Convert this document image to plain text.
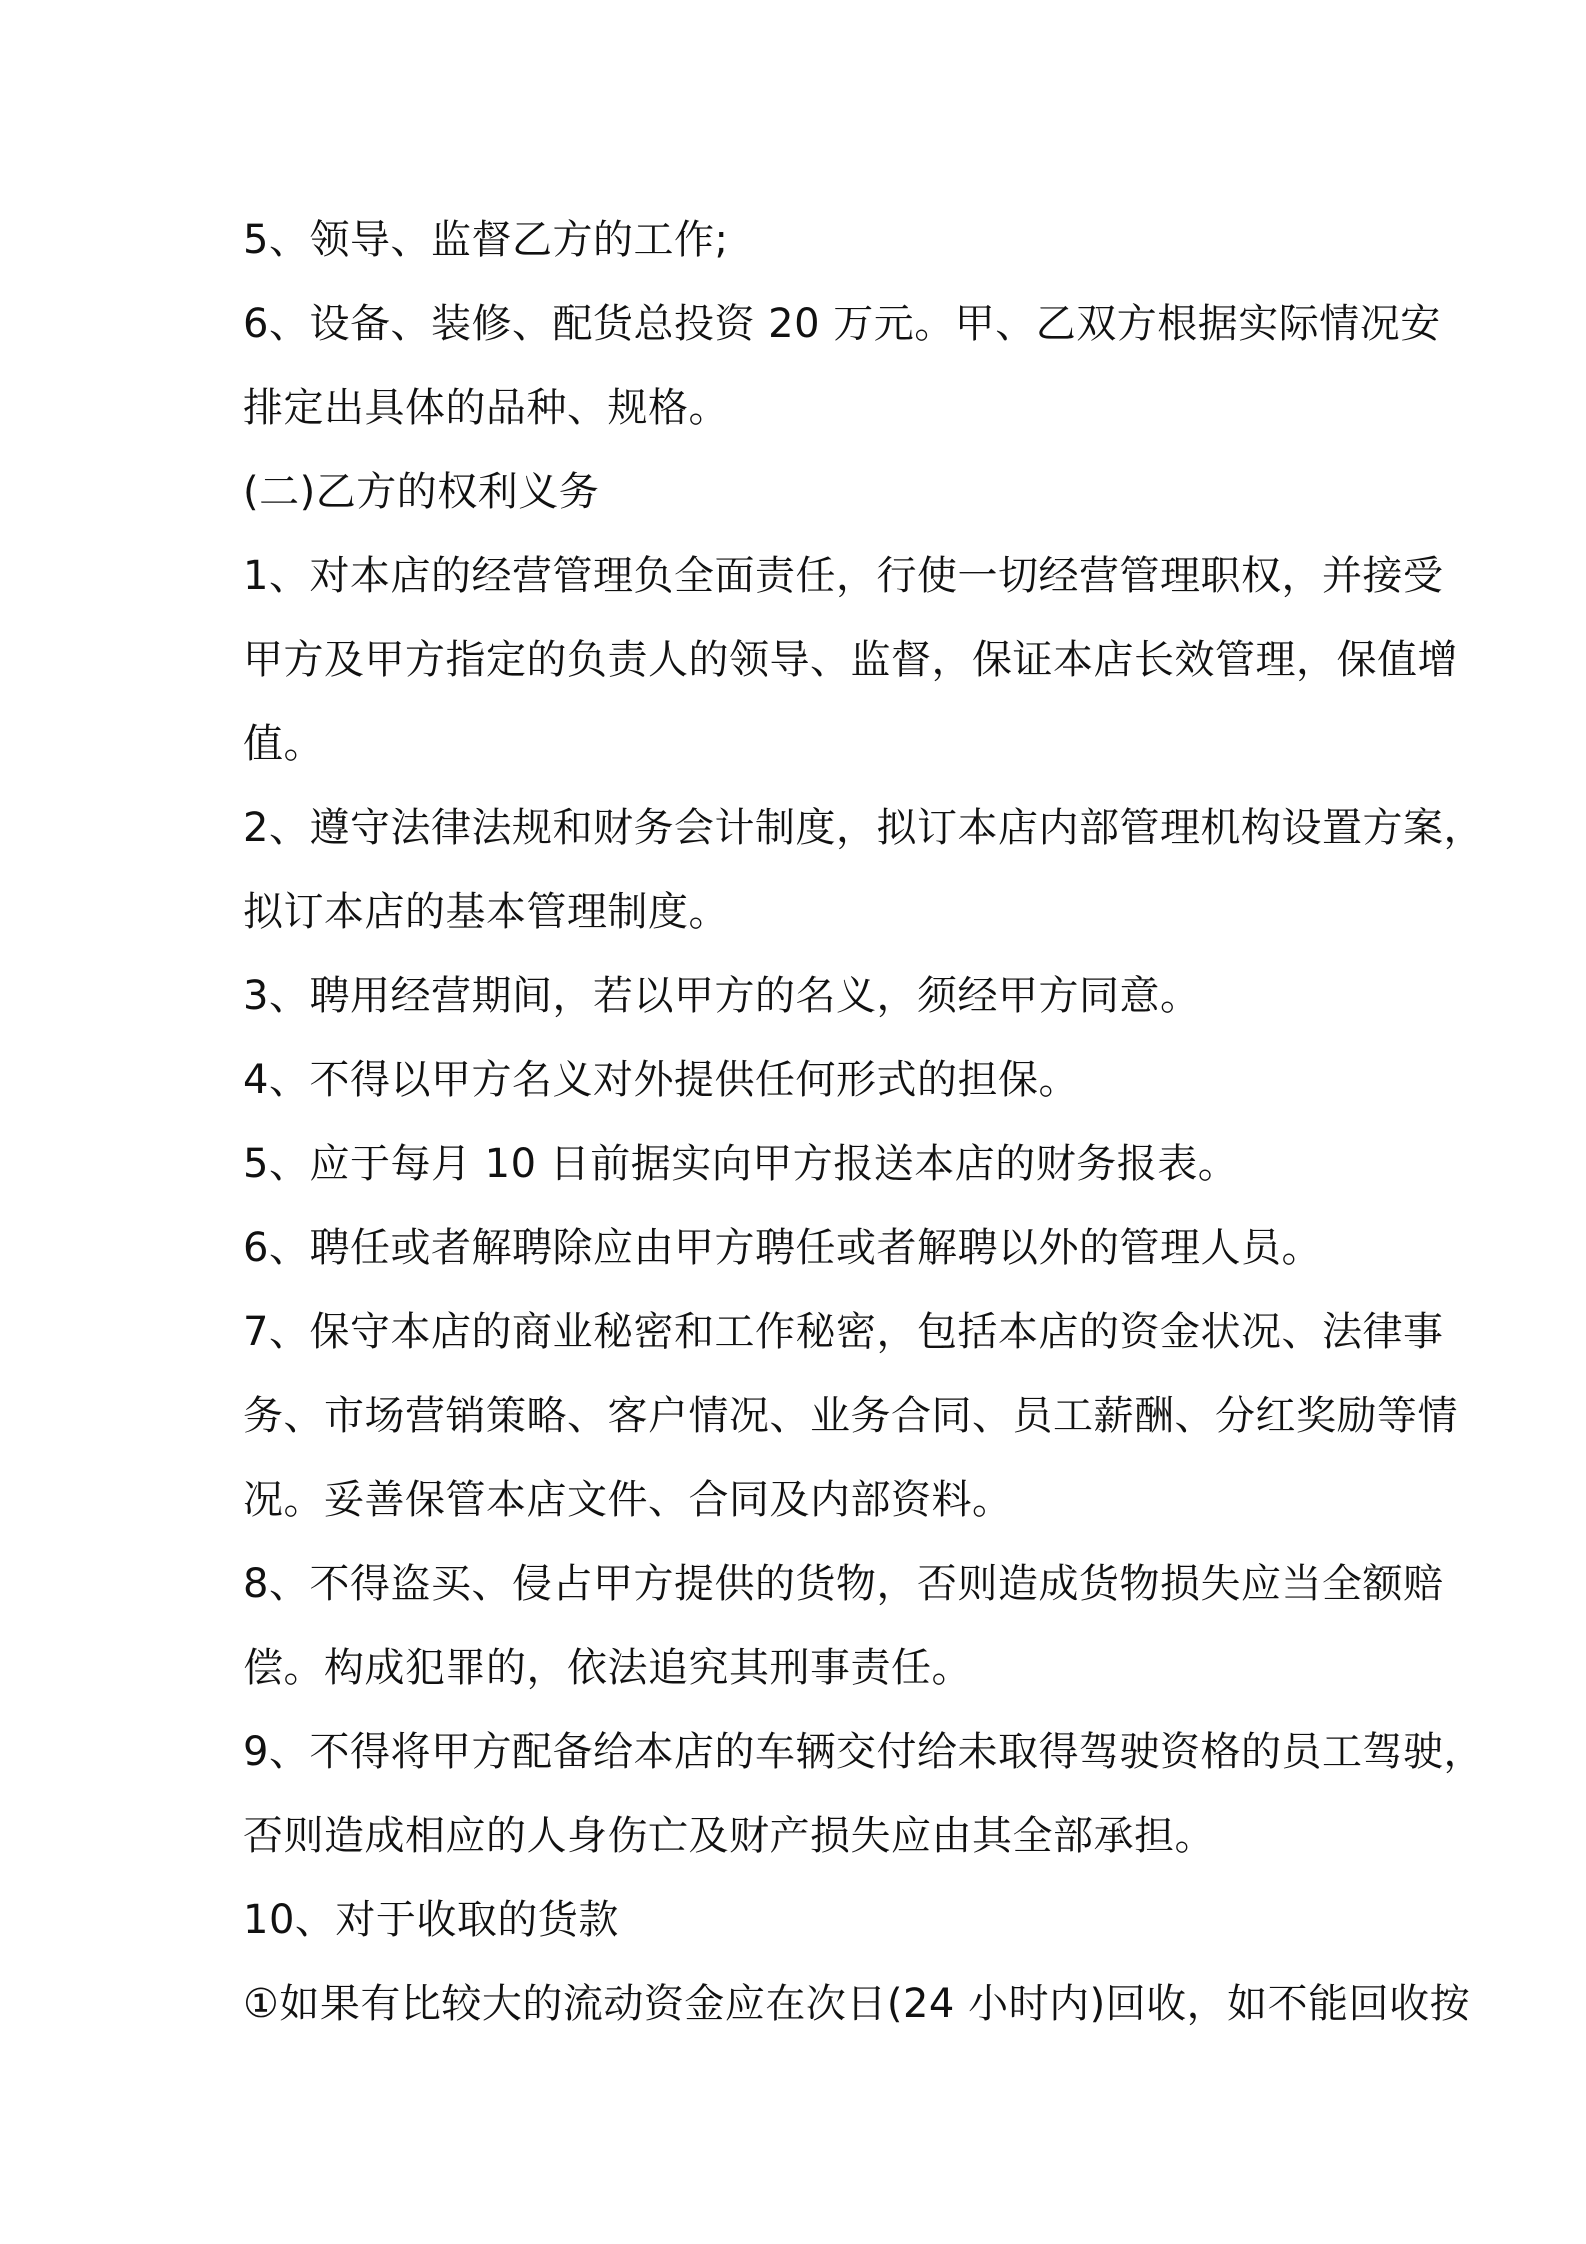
5、领导、监督乙方的工作;
6、设备、装修、配货总投资 20 万元。甲、乙双方根据实际情况安
排定出具体的品种、规格。
(二)乙方的权利义务
1、对本店的经营管理负全面责任，行使一切经营管理职权，并接受
甲方及甲方指定的负责人的领导、监督，保证本店长效管理，保值增
值。
2、遵守法律法规和财务会计制度，拟订本店内部管理机构设置方案，
拟订本店的基本管理制度。
3、聘用经营期间，若以甲方的名义，须经甲方同意。
4、不得以甲方名义对外提供任何形式的担保。
5、应于每月 10 日前据实向甲方报送本店的财务报表。
6、聘任或者解聘除应由甲方聘任或者解聘以外的管理人员。
7、保守本店的商业秘密和工作秘密，包括本店的资金状况、法律事
务、市场营销策略、客户情况、业务合同、员工薪酬、分红奖励等情
况。妥善保管本店文件、合同及内部资料。
8、不得盗买、侵占甲方提供的货物，否则造成货物损失应当全额赔
偿。构成犯罪的，依法追究其刑事责任。
9、不得将甲方配备给本店的车辆交付给未取得驾驶资格的员工驾驶，
否则造成相应的人身伤亡及财产损失应由其全部承担。
10、对于收取的货款
①如果有比较大的流动资金应在次日(24 小时内)回收，如不能回收按
